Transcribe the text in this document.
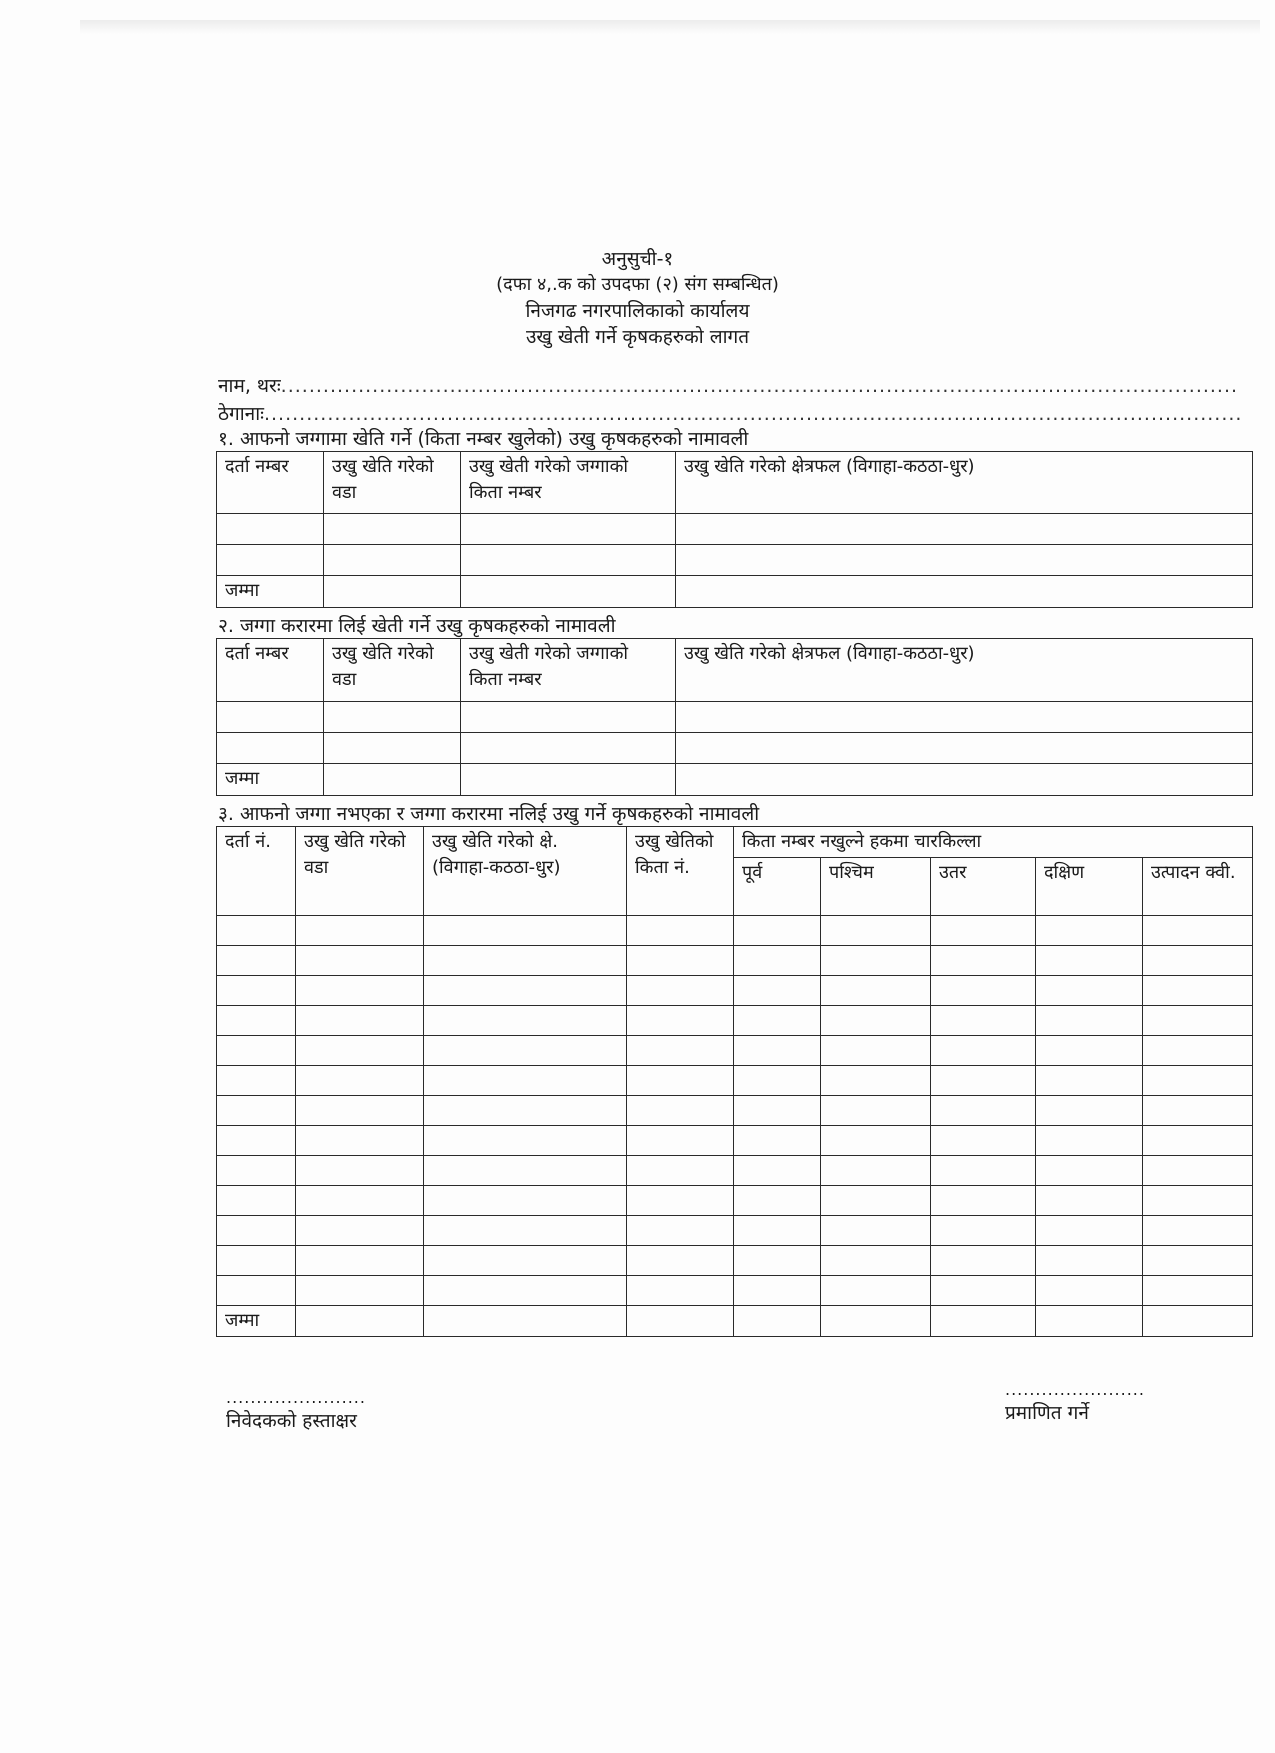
अनुसुची-१
(दफा ४,.क को उपदफा (२) संग सम्बन्धित)
निजगढ नगरपालिकाको कार्यालय
उखु खेती गर्ने कृषकहरुको लागत
नाम, थरः........................................................................................................................................
ठेगानाः...........................................................................................................................................
१. आफनो जग्गामा खेति गर्ने (किता नम्बर खुलेको) उखु कृषकहरुको नामावली
दर्ता नम्बर	उखु खेति गरेको वडा	उखु खेती गरेको जग्गाको किता नम्बर	उखु खेति गरेको क्षेत्रफल (विगाहा-कठठा-धुर)

जम्मा			
२. जग्गा करारमा लिई खेती गर्ने उखु कृषकहरुको नामावली
दर्ता नम्बर	उखु खेति गरेको वडा	उखु खेती गरेको जग्गाको किता नम्बर	उखु खेति गरेको क्षेत्रफल (विगाहा-कठठा-धुर)

जम्मा			
३. आफनो जग्गा नभएका र जग्गा करारमा नलिई उखु गर्ने कृषकहरुको नामावली
दर्ता नं.	उखु खेति गरेको वडा	उखु खेति गरेको क्षे. (विगाहा-कठठा-धुर)	उखु खेतिको किता नं.	किता नम्बर नखुल्ने हकमा चारकिल्ला				
				पूर्व	पश्चिम	उतर	दक्षिण	उत्पादन क्वी.

जम्मा								
.......................
निवेदकको हस्ताक्षर
.......................
प्रमाणित गर्ने
